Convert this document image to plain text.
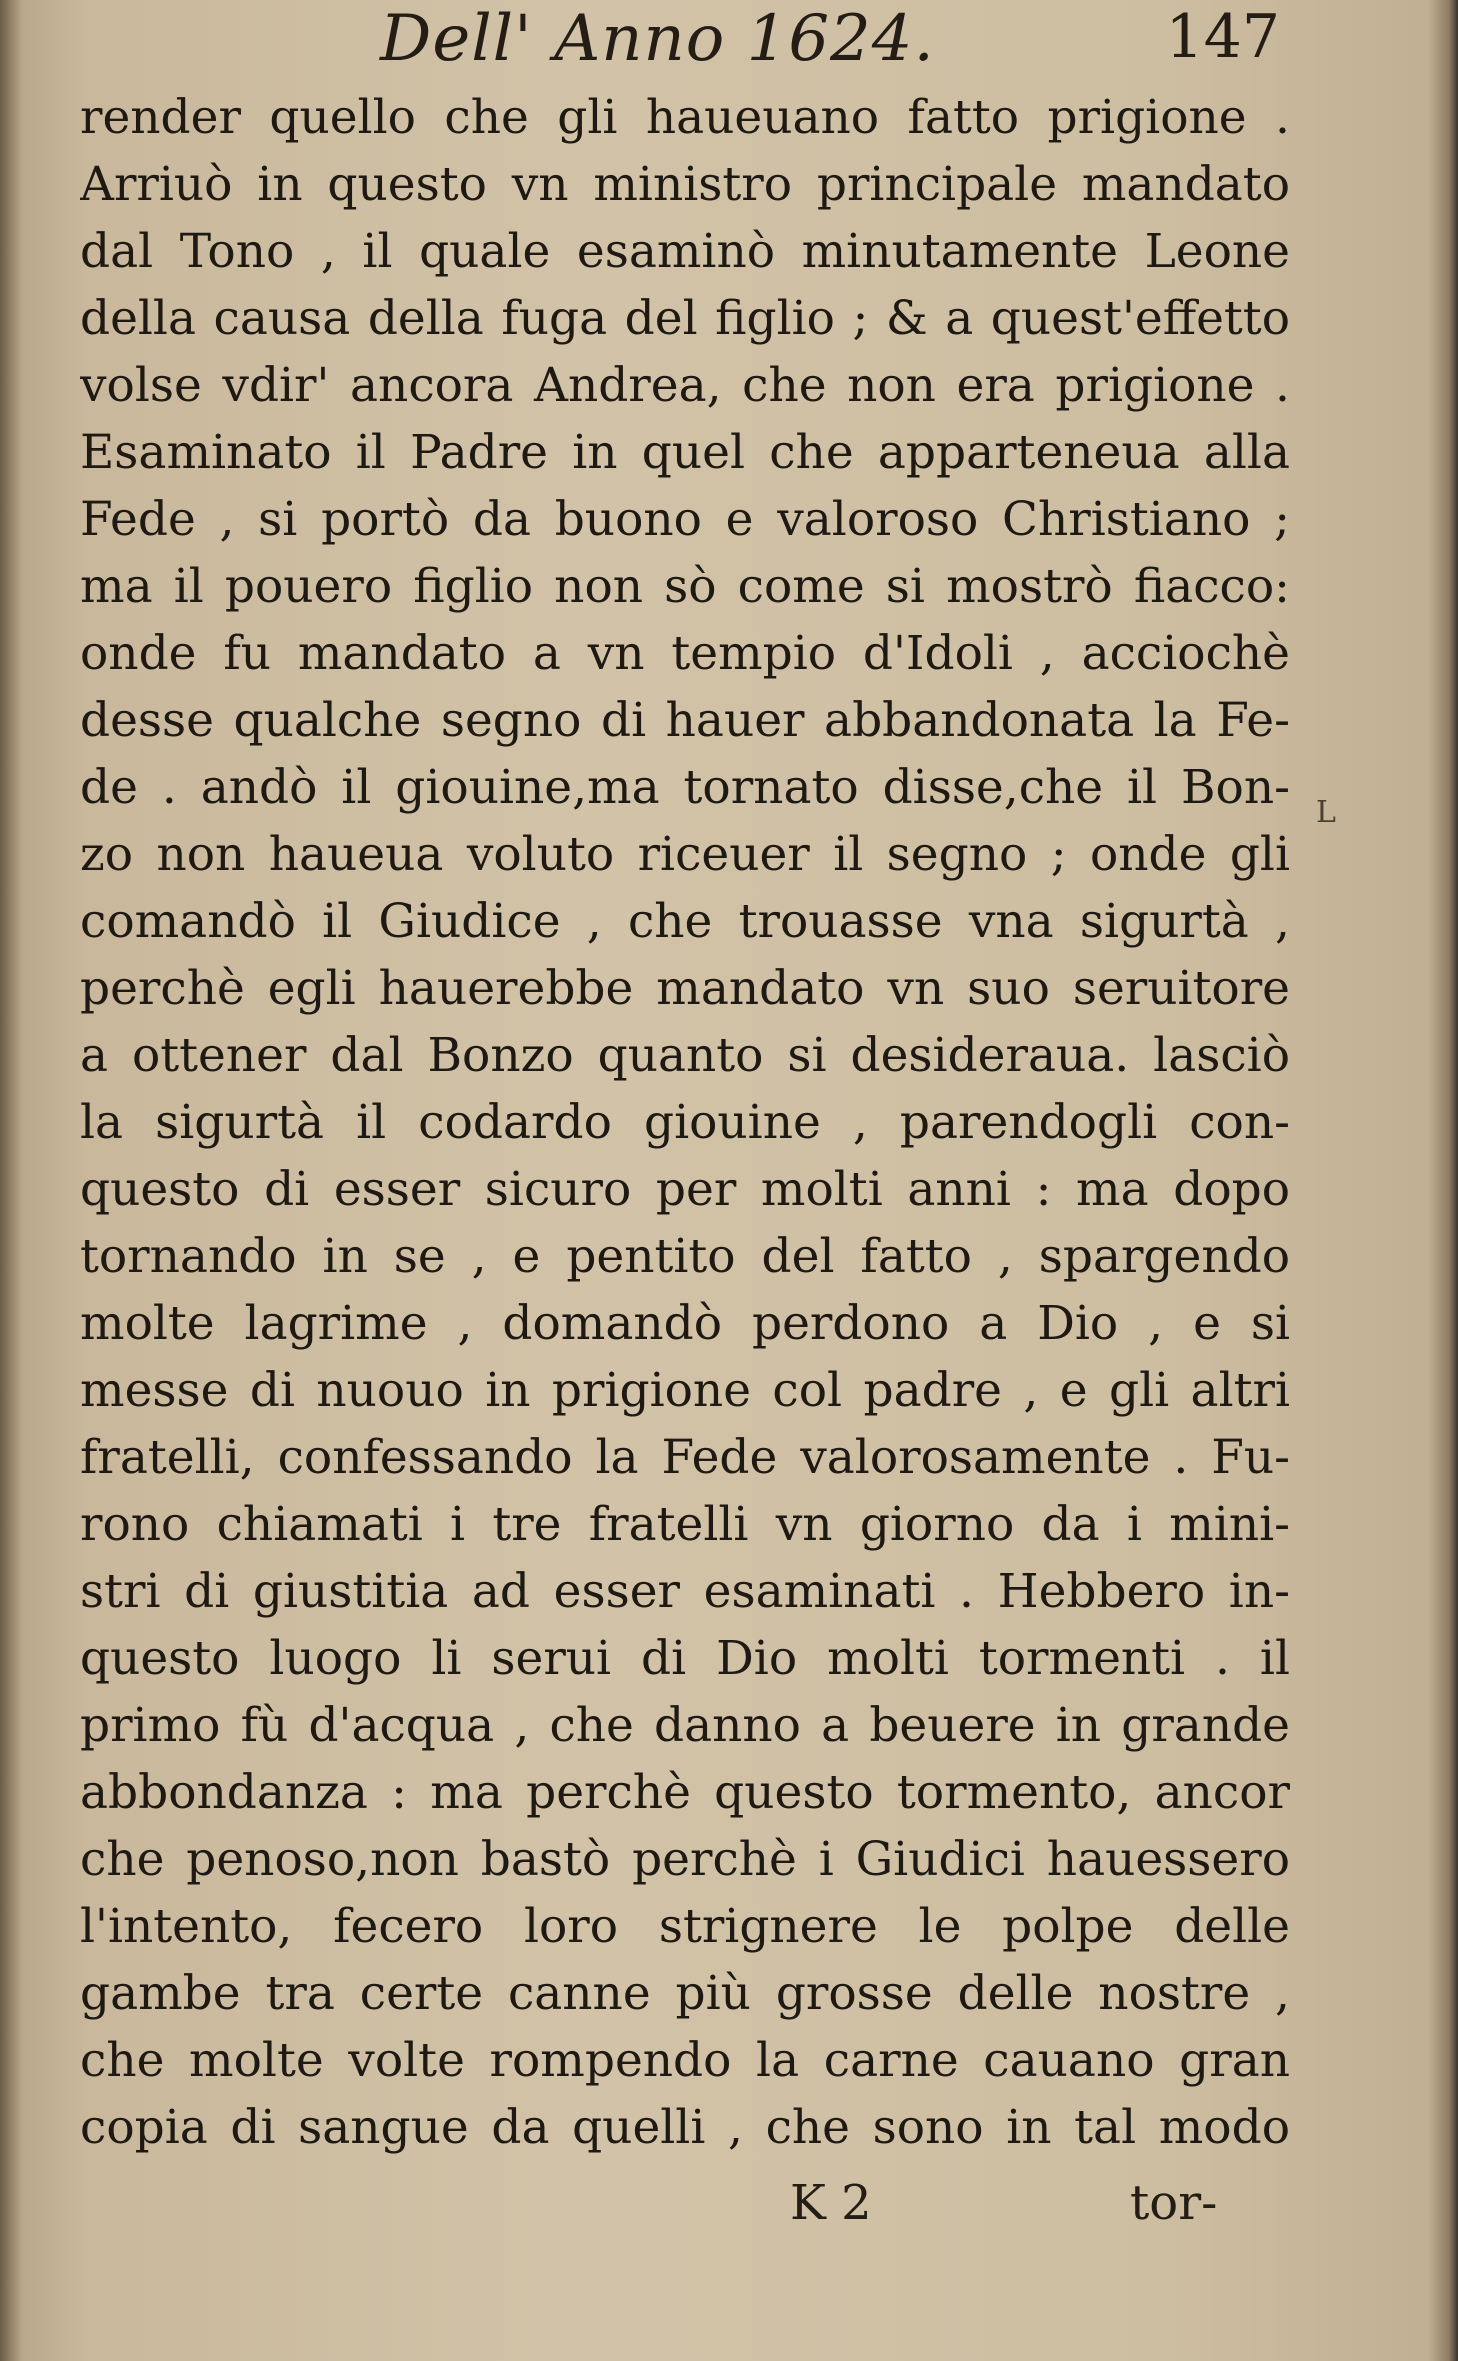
Dell' Anno 1624.	147
render quello che gli haueuano fatto prigione .
Arriuò in questo vn ministro principale mandato
dal Tono , il quale esaminò minutamente Leone
della causa della fuga del figlio ; & a quest'effetto
volse vdir' ancora Andrea, che non era prigione .
Esaminato il Padre in quel che apparteneua alla
Fede , si portò da buono e valoroso Christiano ;
ma il pouero figlio non sò come si mostrò fiacco:
onde fu mandato a vn tempio d'Idoli , acciochè
desse qualche segno di hauer abbandonata la Fe-
de . andò il giouine,ma tornato disse,che il Bon-
zo non haueua voluto riceuer il segno ; onde gli
comandò il Giudice , che trouasse vna sigurtà ,
perchè egli hauerebbe mandato vn suo seruitore
a ottener dal Bonzo quanto si desideraua. lasciò
la sigurtà il codardo giouine , parendogli con-
questo di esser sicuro per molti anni : ma dopo
tornando in se , e pentito del fatto , spargendo
molte lagrime , domandò perdono a Dio , e si
messe di nuouo in prigione col padre , e gli altri
fratelli, confessando la Fede valorosamente . Fu-
rono chiamati i tre fratelli vn giorno da i mini-
stri di giustitia ad esser esaminati . Hebbero in-
questo luogo li serui di Dio molti tormenti . il
primo fù d'acqua , che danno a beuere in grande
abbondanza : ma perchè questo tormento, ancor
che penoso,non bastò perchè i Giudici hauessero
l'intento, fecero loro strignere le polpe delle
gambe tra certe canne più grosse delle nostre ,
che molte volte rompendo la carne cauano gran
copia di sangue da quelli , che sono in tal modo
L
K 2	tor-
